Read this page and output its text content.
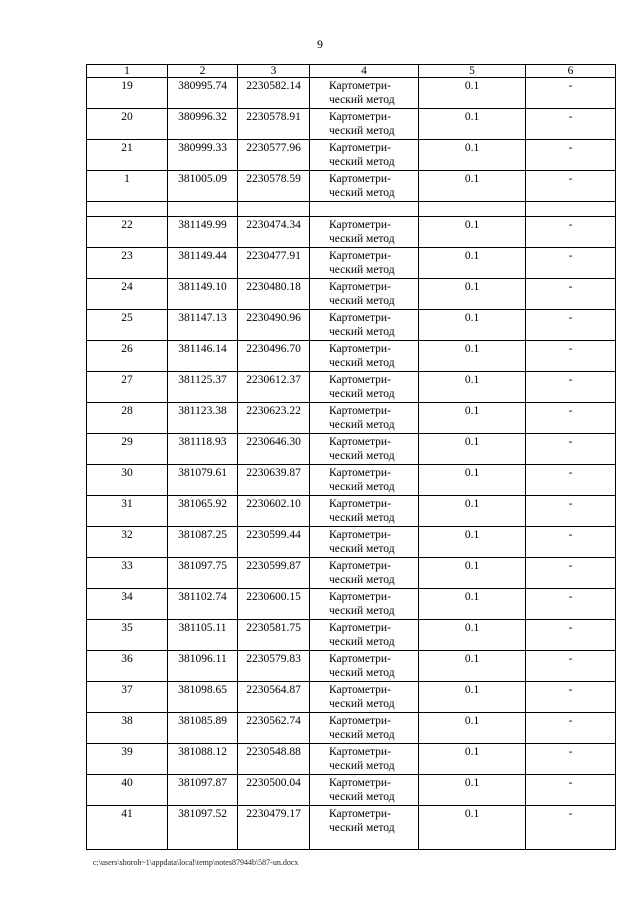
9
1	2	3	4	5	6
19	380995.74	2230582.14	Картометри-
ческий метод	0.1	-
20	380996.32	2230578.91	Картометри-
ческий метод	0.1	-
21	380999.33	2230577.96	Картометри-
ческий метод	0.1	-
1	381005.09	2230578.59	Картометри-
ческий метод	0.1	-

22	381149.99	2230474.34	Картометри-
ческий метод	0.1	-
23	381149.44	2230477.91	Картометри-
ческий метод	0.1	-
24	381149.10	2230480.18	Картометри-
ческий метод	0.1	-
25	381147.13	2230490.96	Картометри-
ческий метод	0.1	-
26	381146.14	2230496.70	Картометри-
ческий метод	0.1	-
27	381125.37	2230612.37	Картометри-
ческий метод	0.1	-
28	381123.38	2230623.22	Картометри-
ческий метод	0.1	-
29	381118.93	2230646.30	Картометри-
ческий метод	0.1	-
30	381079.61	2230639.87	Картометри-
ческий метод	0.1	-
31	381065.92	2230602.10	Картометри-
ческий метод	0.1	-
32	381087.25	2230599.44	Картометри-
ческий метод	0.1	-
33	381097.75	2230599.87	Картометри-
ческий метод	0.1	-
34	381102.74	2230600.15	Картометри-
ческий метод	0.1	-
35	381105.11	2230581.75	Картометри-
ческий метод	0.1	-
36	381096.11	2230579.83	Картометри-
ческий метод	0.1	-
37	381098.65	2230564.87	Картометри-
ческий метод	0.1	-
38	381085.89	2230562.74	Картометри-
ческий метод	0.1	-
39	381088.12	2230548.88	Картометри-
ческий метод	0.1	-
40	381097.87	2230500.04	Картометри-
ческий метод	0.1	-
41	381097.52	2230479.17	Картометри-
ческий метод	0.1	-
c:\users\shoroh~1\appdata\local\temp\notes87944b\587-un.docx
